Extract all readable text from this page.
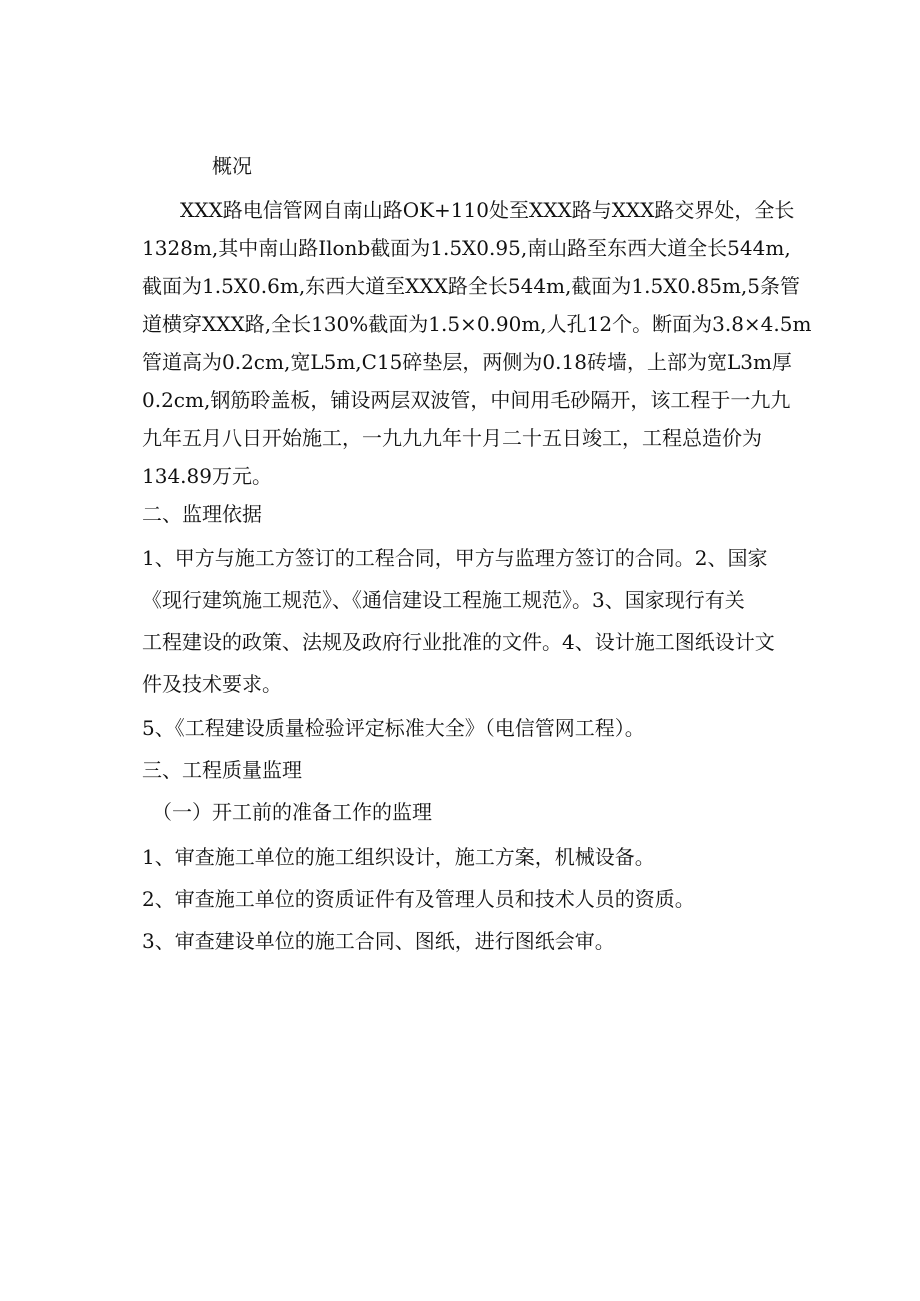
概况
XXX路电信管网自南山路OK+110处至XXX路与XXX路交界处，全长
1328m,其中南山路Ilonb截面为1.5X0.95,南山路至东西大道全长544m,
截面为1.5X0.6m,东西大道至XXX路全长544m,截面为1.5X0.85m,5条管
道横穿XXX路,全长130%截面为1.5×0.90m,人孔12个。断面为3.8×4.5m
管道高为0.2cm,宽L5m,C15碎垫层，两侧为0.18砖墙，上部为宽L3m厚
0.2cm,钢筋聆盖板，铺设两层双波管，中间用毛砂隔开，该工程于一九九
九年五月八日开始施工，一九九九年十月二十五日竣工，工程总造价为
134.89万元。
二、监理依据
1、甲方与施工方签订的工程合同，甲方与监理方签订的合同。2、国家
《现行建筑施工规范》、《通信建设工程施工规范》。3、国家现行有关
工程建设的政策、法规及政府行业批准的文件。4、设计施工图纸设计文
件及技术要求。
5、《工程建设质量检验评定标准大全》（电信管网工程）。
三、工程质量监理
（一）开工前的准备工作的监理
1、审查施工单位的施工组织设计，施工方案，机械设备。
2、审查施工单位的资质证件有及管理人员和技术人员的资质。
3、审查建设单位的施工合同、图纸，进行图纸会审。
